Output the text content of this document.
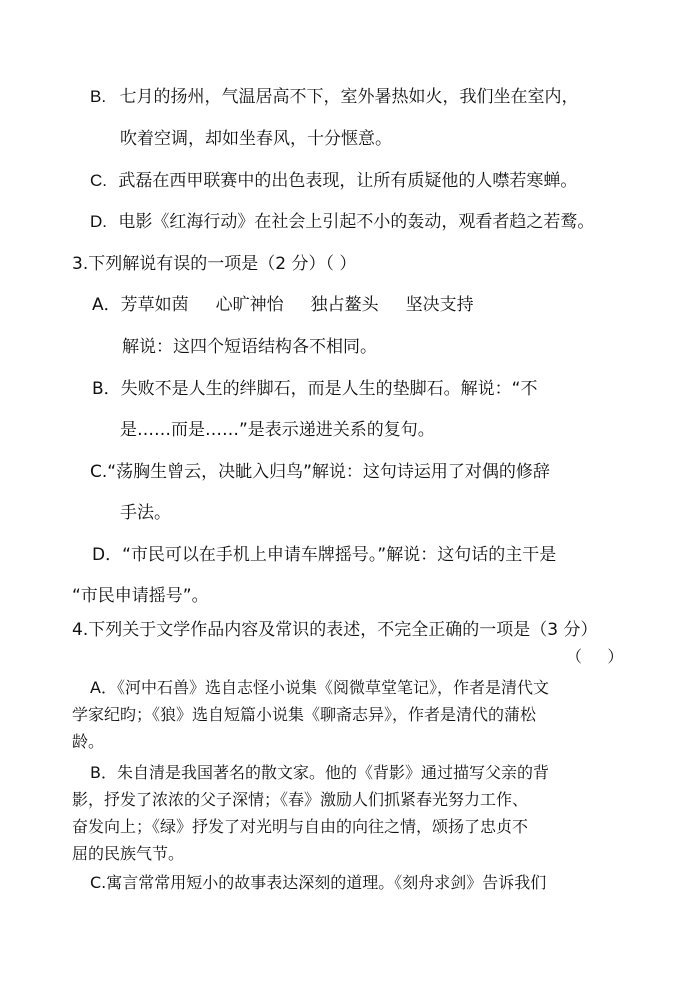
B. 七月的扬州，气温居高不下，室外暑热如火，我们坐在室内，
吹着空调，却如坐春风，十分惬意。
C. 武磊在西甲联赛中的出色表现，让所有质疑他的人噤若寒蝉。
D. 电影《红海行动》在社会上引起不小的轰动，观看者趋之若鹜。
3.下列解说有误的一项是（2 分）（ ）
A．芳草如茵     心旷神怡     独占鳌头     坚决支持
解说：这四个短语结构各不相同。
B．失败不是人生的绊脚石，而是人生的垫脚石。解说：“不
是……而是……”是表示递进关系的复句。
C.“荡胸生曾云，决眦入归鸟”解说：这句诗运用了对偶的修辞
手法。
D．“市民可以在手机上申请车牌摇号。”解说：这句话的主干是
“市民申请摇号”。
4.下列关于文学作品内容及常识的表述，不完全正确的一项是（3 分）
（     ）
A．《河中石兽》选自志怪小说集《阅微草堂笔记》，作者是清代文
学家纪昀；《狼》选自短篇小说集《聊斋志异》，作者是清代的蒲松
龄。
B．朱自清是我国著名的散文家。他的《背影》通过描写父亲的背
影，抒发了浓浓的父子深情；《春》激励人们抓紧春光努力工作、
奋发向上；《绿》抒发了对光明与自由的向往之情，颂扬了忠贞不
屈的民族气节。
C.寓言常常用短小的故事表达深刻的道理。《刻舟求剑》告诉我们
